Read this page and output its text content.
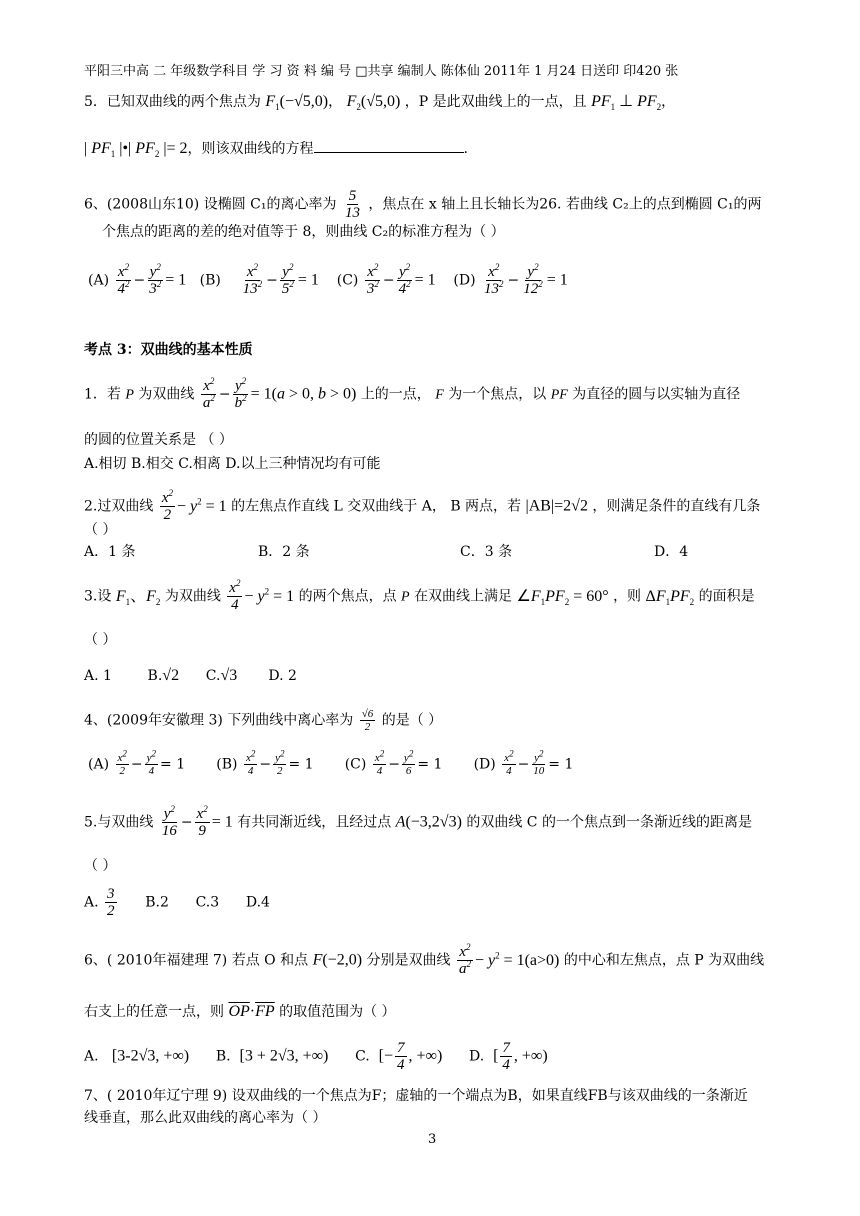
平阳三中高 二 年级数学科目 学 习 资 料 编 号 □共享 编制人 陈体仙 2011年 1 月24 日送印 印420 张
5．已知双曲线的两个焦点为 $F_1(-√5,0)$， $F_2(√5,0)$ ，P 是此双曲线上的一点，且 $PF_1$ ⊥ $PF_2$，
| $PF_1$ |•| $PF_2$ |= 2，则该双曲线的方程	.
6、(2008山东10) 设椭圆 C₁的离心率为 $\frac{5}{13}$ ，焦点在 x 轴上且长轴长为26. 若曲线 C₂上的点到椭圆 C₁的两
个焦点的距离的差的绝对值等于 8，则曲线 C₂的标准方程为（ ）
$(A) \frac{x^2}{4^2} - \frac{y^2}{3^2} = 1$ $(B) \frac{x^2}{13^2} - \frac{y^2}{5^2} = 1$ $(C) \frac{x^2}{3^2} - \frac{y^2}{4^2} = 1$ $(D) \frac{x^2}{13^2} - \frac{y^2}{12^2} = 1$
考点 3：双曲线的基本性质
1．若 P 为双曲线 $\frac{x^2}{a^2} - \frac{y^2}{b^2} = 1(a > 0$, b > 0) 上的一点， F 为一个焦点，以 PF 为直径的圆与以实轴为直径
的圆的位置关系是 （ ）
A.相切 B.相交 C.相离 D.以上三种情况均有可能
2.过双曲线 $\frac{x^2}{2} - y^2 = 1$ 的左焦点作直线 L 交双曲线于 A， B 两点，若 |AB|=2√2 ，则满足条件的直线有几条
（ ）
A．1 条	B．2 条	C．3 条	D．4
3.设 $F_1$、$F_2$ 为双曲线 $\frac{x^2}{4} - y^2 = 1$ 的两个焦点，点 P 在双曲线上满足 $\angle F_1PF_2 = 60^\circ$ ，则 $\Delta F_1PF_2$ 的面积是
（ ）
A. 1	B.√2 C.√3 D. 2
4、(2009年安徽理 3) 下列曲线中离心率为 $\frac{√6}{2}$ 的是（ ）
$(A) \frac{x^2}{2} - \frac{y^2}{4} = 1$       $(B) \frac{x^2}{4} - \frac{y^2}{2} = 1$       $(C) \frac{x^2}{4} - \frac{y^2}{6} = 1$       $(D) \frac{x^2}{4} - \frac{y^2}{10} = 1$
5.与双曲线 $\frac{y^2}{16} - \frac{x^2}{9} = 1$ 有共同渐近线，且经过点 A(−3,2√3) 的双曲线 C 的一个焦点到一条渐近线的距离是
（ ）
A. $\frac{3}{2} B.2$ C.3 D.4
6、( 2010年福建理 7) 若点 O 和点 F(−2,0) 分别是双曲线 $\frac{x^2}{a^2} - y^2 = 1(a>0)$ 的中心和左焦点，点 P 为双曲线
右支上的任意一点，则 $\overline{OP}\cdot\overline{FP}$ 的取值范围为（ ）
A. [3-2√3, +∞) B. [3 + 2√3, +∞) C. [− $\frac{7}{4}$ , +∞) D. [ $\frac{7}{4}$ , +∞)
7、( 2010年辽宁理 9) 设双曲线的一个焦点为F；虚轴的一个端点为B，如果直线FB与该双曲线的一条渐近
线垂直，那么此双曲线的离心率为（ ）
3
